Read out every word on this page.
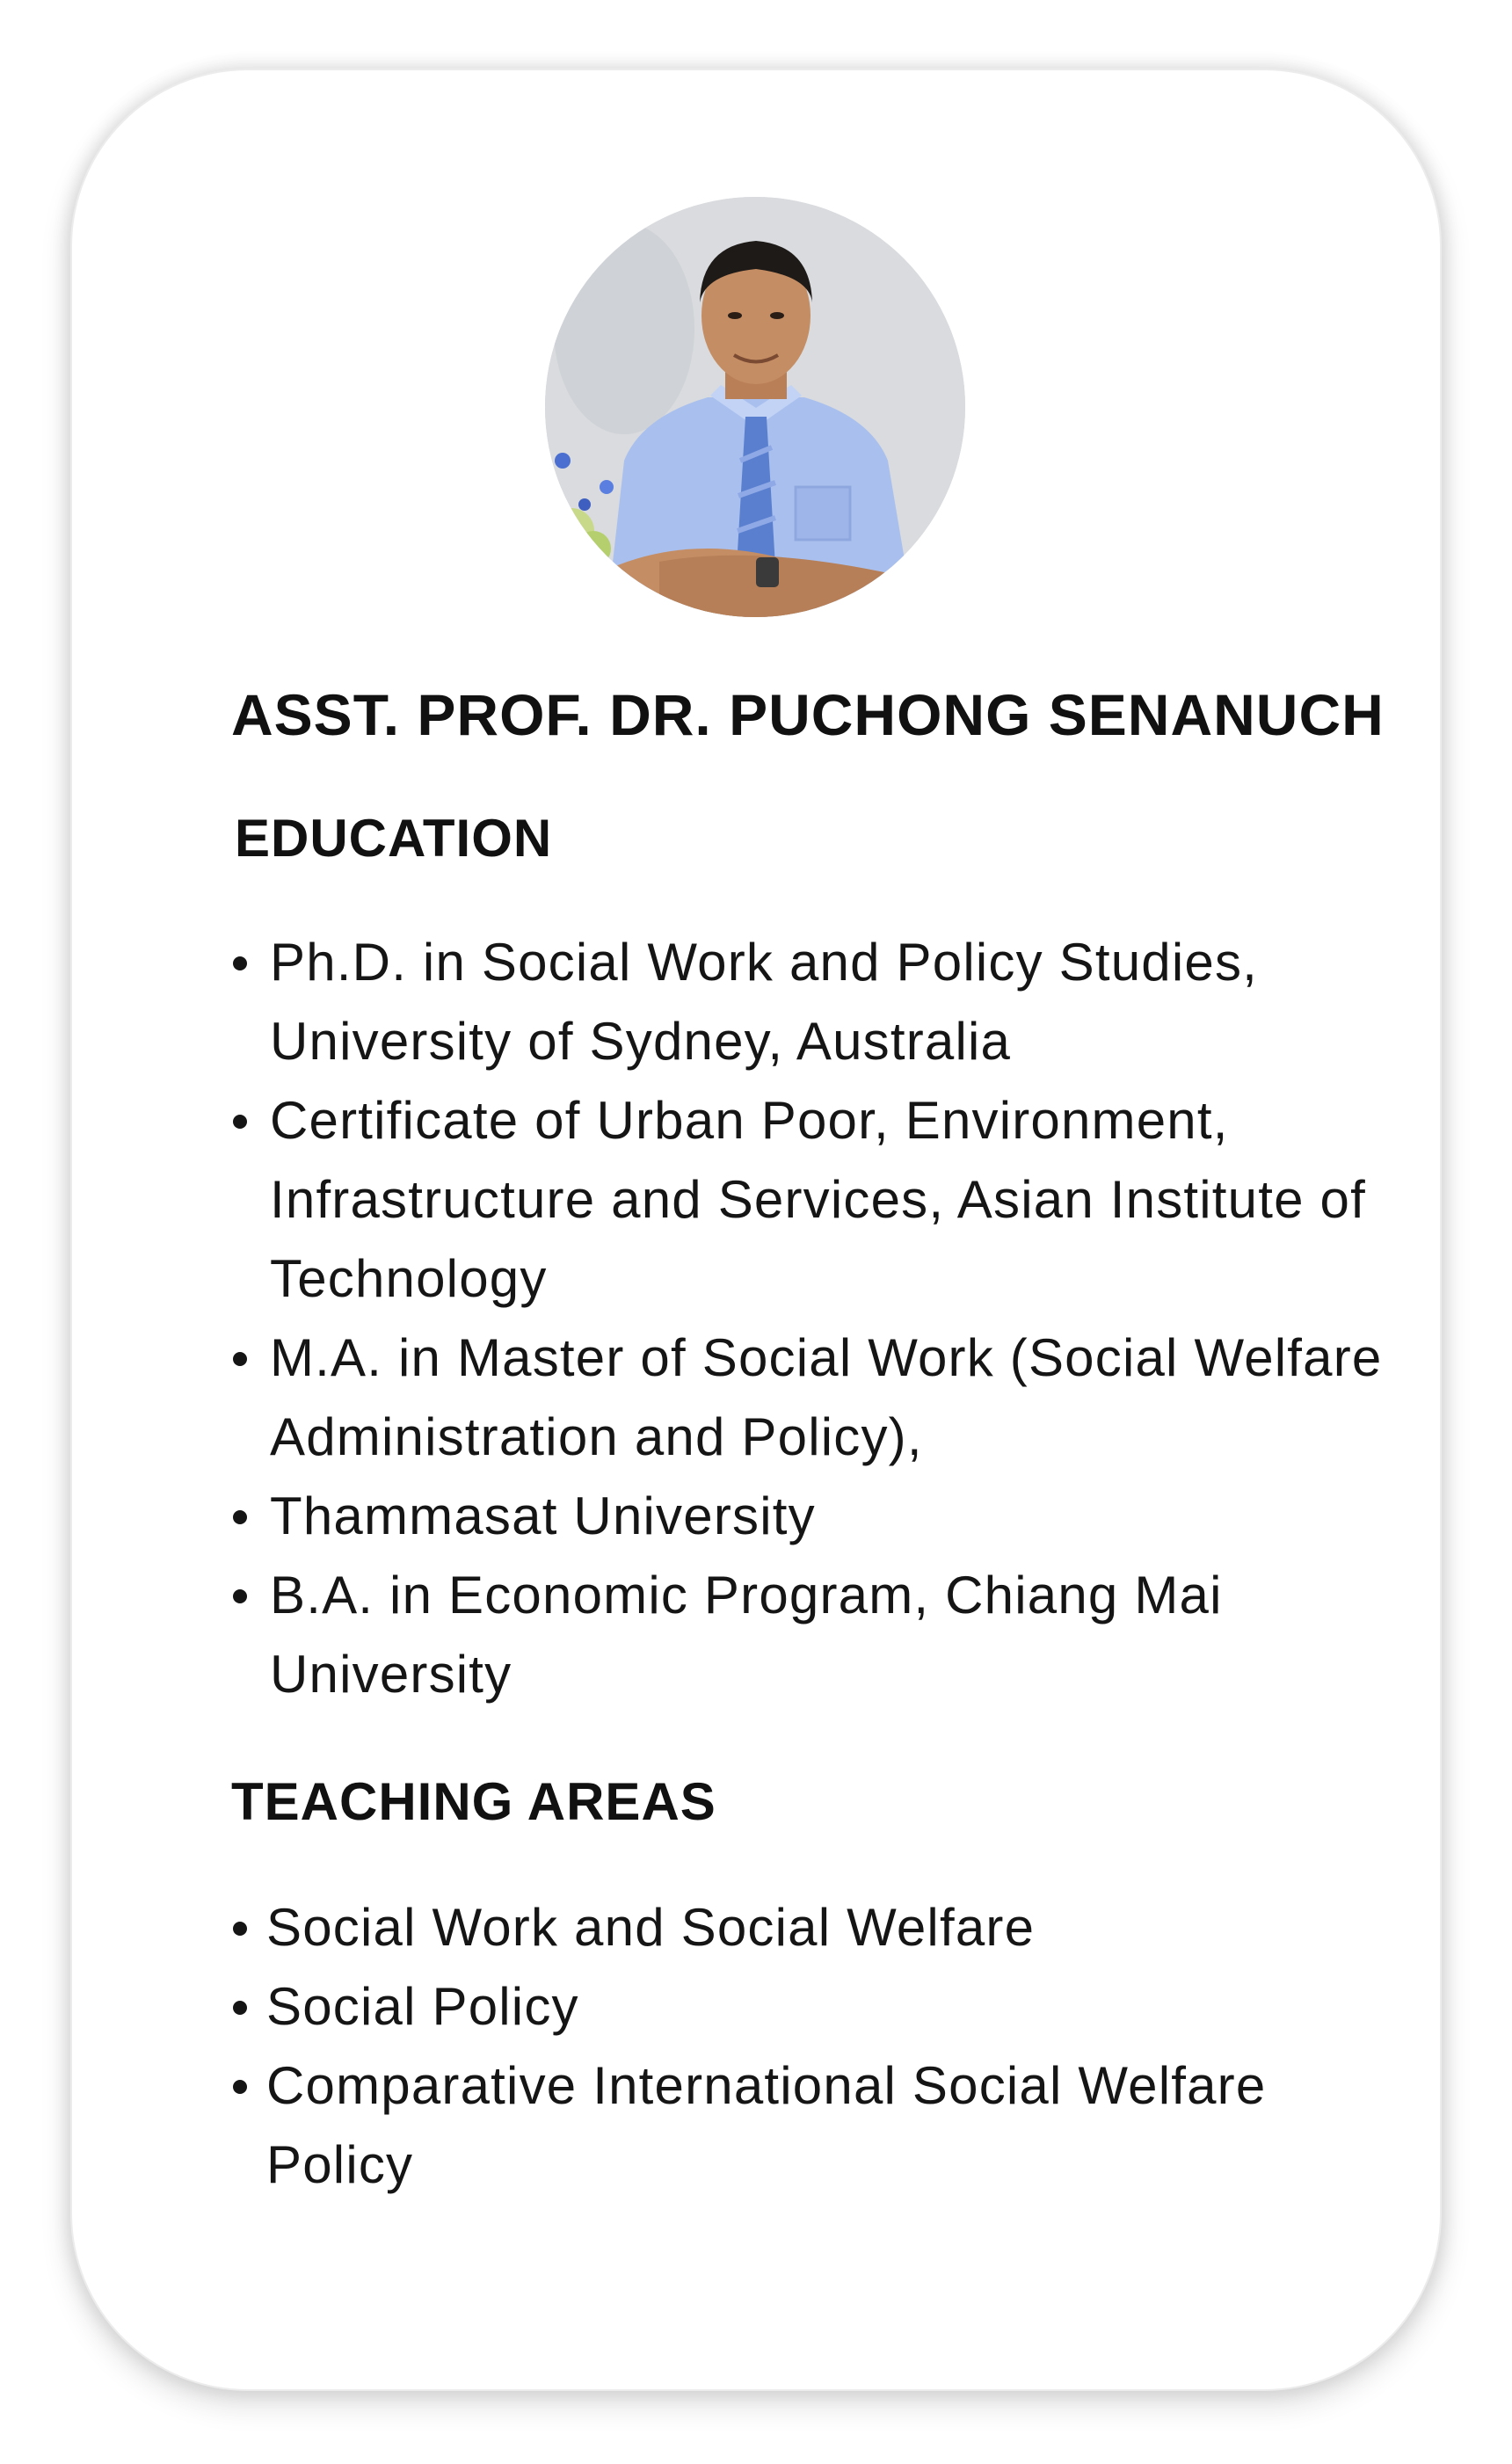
ASST. PROF. DR. PUCHONG SENANUCH
EDUCATION
Ph.D. in Social Work and Policy Studies, University of Sydney, Australia
Certificate of Urban Poor, Environment, Infrastructure and Services, Asian Institute of Technology
M.A. in Master of Social Work (Social Welfare Administration and Policy),
Thammasat University
B.A. in Economic Program, Chiang Mai University
TEACHING AREAS
Social Work and Social Welfare
Social Policy
Comparative International Social Welfare Policy
